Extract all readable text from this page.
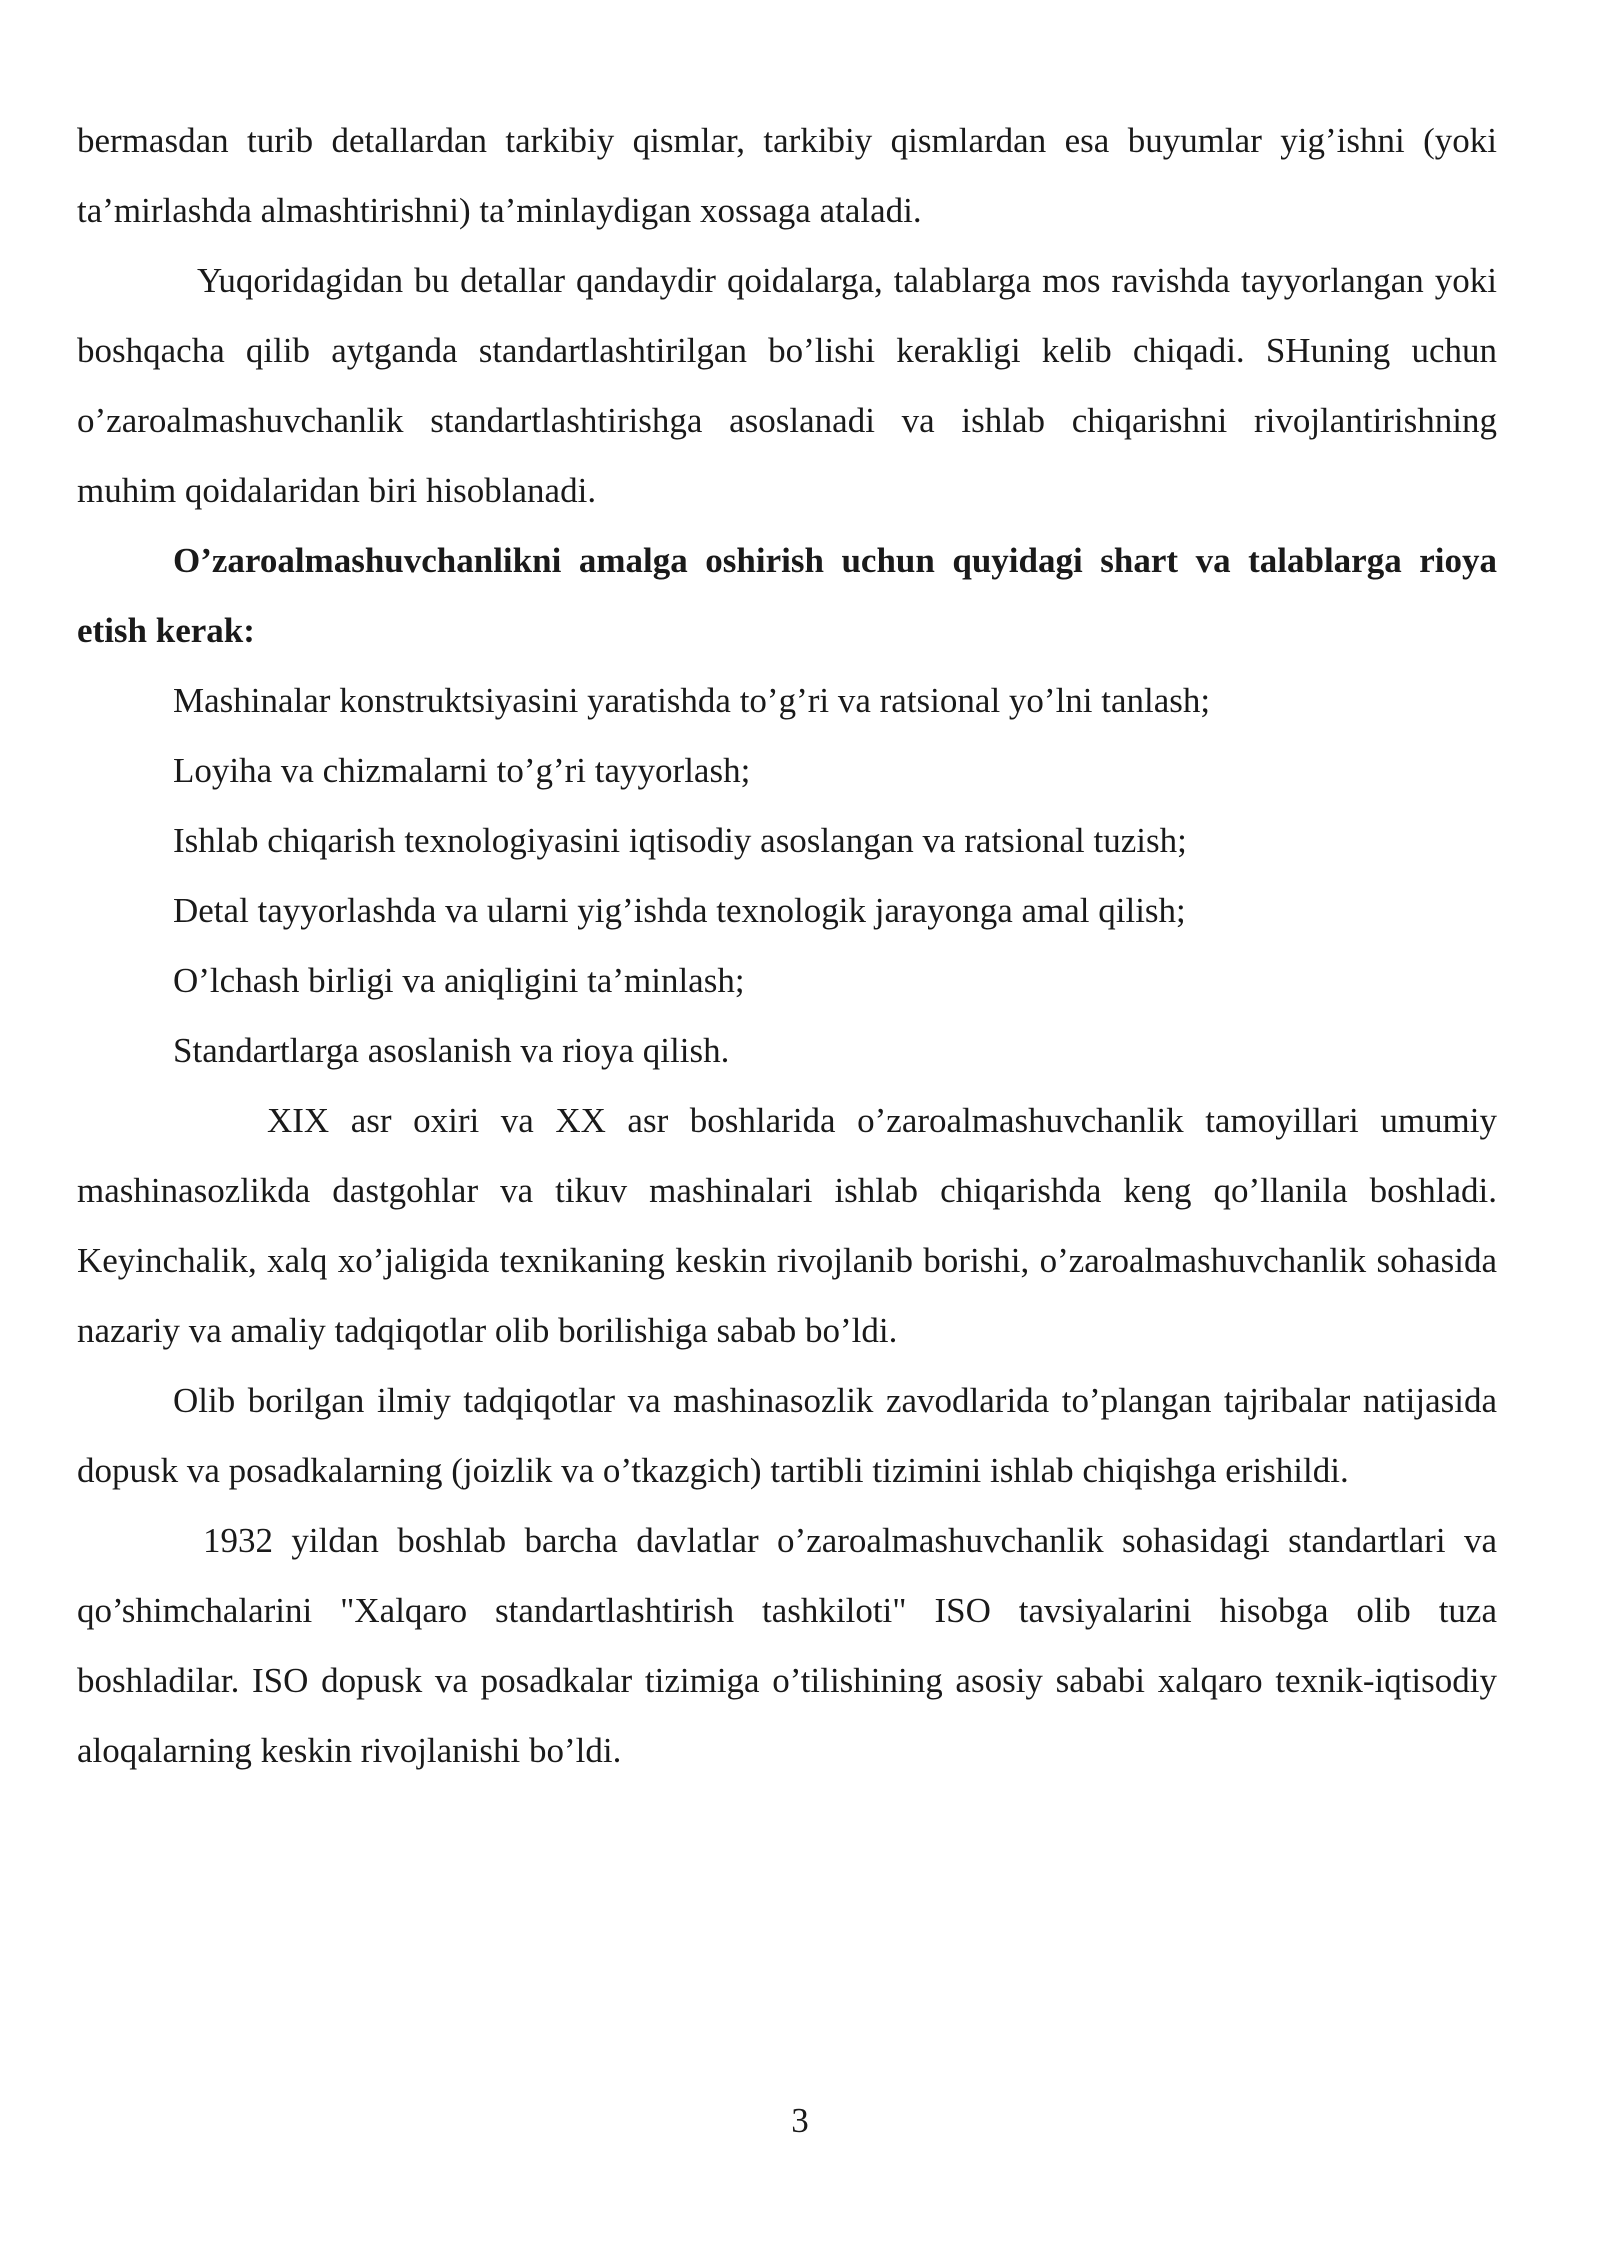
bermasdan turib detallardan tarkibiy qismlar, tarkibiy qismlardan esa buyumlar yig’ishni (yoki ta’mirlashda almashtirishni) ta’minlaydigan xossaga ataladi.

Yuqoridagidan bu detallar qandaydir qoidalarga, talablarga mos ravishda tayyorlangan yoki boshqacha qilib aytganda standartlashtirilgan bo’lishi kerakligi kelib chiqadi. SHuning uchun o’zaroalmashuvchanlik standartlashtirishga asoslanadi va ishlab chiqarishni rivojlantirishning muhim qoidalaridan biri hisoblanadi.

O’zaroalmashuvchanlikni amalga oshirish uchun quyidagi shart va talablarga rioya etish kerak:

Mashinalar konstruktsiyasini yaratishda to’g’ri va ratsional yo’lni tanlash;
Loyiha va chizmalarni to’g’ri tayyorlash;
Ishlab chiqarish texnologiyasini iqtisodiy asoslangan va ratsional tuzish;
Detal tayyorlashda va ularni yig’ishda texnologik jarayonga amal qilish;
O’lchash birligi va aniqligini ta’minlash;
Standartlarga asoslanish va rioya qilish.

XIX asr oxiri va XX asr boshlarida o’zaroalmashuvchanlik tamoyillari umumiy mashinasozlikda dastgohlar va tikuv mashinalari ishlab chiqarishda keng qo’llanila boshladi. Keyinchalik, xalq xo’jaligida texnikaning keskin rivojlanib borishi, o’zaroalmashuvchanlik sohasida nazariy va amaliy tadqiqotlar olib borilishiga sabab bo’ldi.

Olib borilgan ilmiy tadqiqotlar va mashinasozlik zavodlarida to’plangan tajribalar natijasida dopusk va posadkalarning (joizlik va o’tkazgich) tartibli tizimini ishlab chiqishga erishildi.

1932 yildan boshlab barcha davlatlar o’zaroalmashuvchanlik sohasidagi standartlari va qo’shimchalarini "Xalqaro standartlashtirish tashkiloti" ISO tavsiyalarini hisobga olib tuza boshladilar. ISO dopusk va posadkalar tizimiga o’tilishining asosiy sababi xalqaro texnik-iqtisodiy aloqalarning keskin rivojlanishi bo’ldi.

3
